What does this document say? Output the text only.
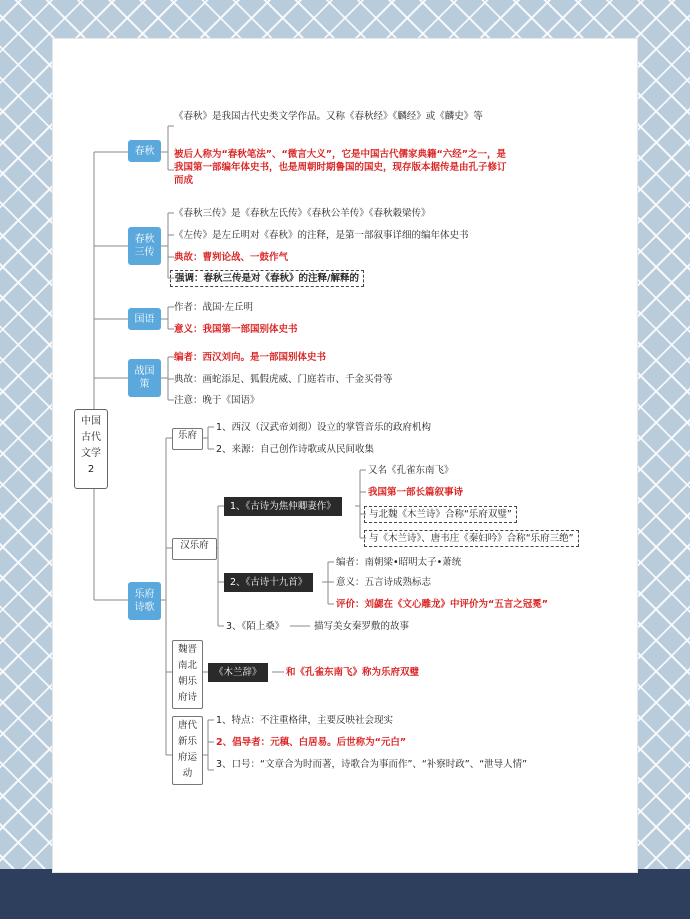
中国古代文学2
春秋
《春秋》是我国古代史类文学作品。又称《春秋经》《麟经》或《麟史》等
被后人称为“春秋笔法”、“微言大义”，它是中国古代儒家典籍“六经”之一，是我国第一部编年体史书，也是周朝时期鲁国的国史，现存版本据传是由孔子修订而成
春秋三传
《春秋三传》是《春秋左氏传》《春秋公羊传》《春秋穀梁传》
《左传》是左丘明对《春秋》的注释，是第一部叙事详细的编年体史书
典故：曹刿论战、一鼓作气
强调：春秋三传是对《春秋》的注释/解释的
国语
作者：战国·左丘明
意义：我国第一部国别体史书
战国策
编者：西汉刘向。是一部国别体史书
典故：画蛇添足、狐假虎威、门庭若市、千金买骨等
注意：晚于《国语》
乐府诗歌
乐府
1、西汉（汉武帝刘彻）设立的掌管音乐的政府机构
2、来源：自己创作诗歌或从民间收集
汉乐府
1、《古诗为焦仲卿妻作》
又名《孔雀东南飞》
我国第一部长篇叙事诗
与北魏《木兰诗》合称“乐府双璧”
与《木兰诗》、唐韦庄《秦妇吟》合称“乐府三绝”
2、《古诗十九首》
编者：南朝梁•昭明太子•萧统
意义：五言诗成熟标志
评价：刘勰在《文心雕龙》中评价为“五言之冠冕”
3、《陌上桑》	描写美女秦罗敷的故事
魏晋南北朝乐府诗
《木兰辞》	和《孔雀东南飞》称为乐府双璧
唐代新乐府运动
1、特点：不注重格律，主要反映社会现实
2、倡导者：元稹、白居易。后世称为“元白”
3、口号：“文章合为时而著，诗歌合为事而作”、“补察时政”、“泄导人情”
